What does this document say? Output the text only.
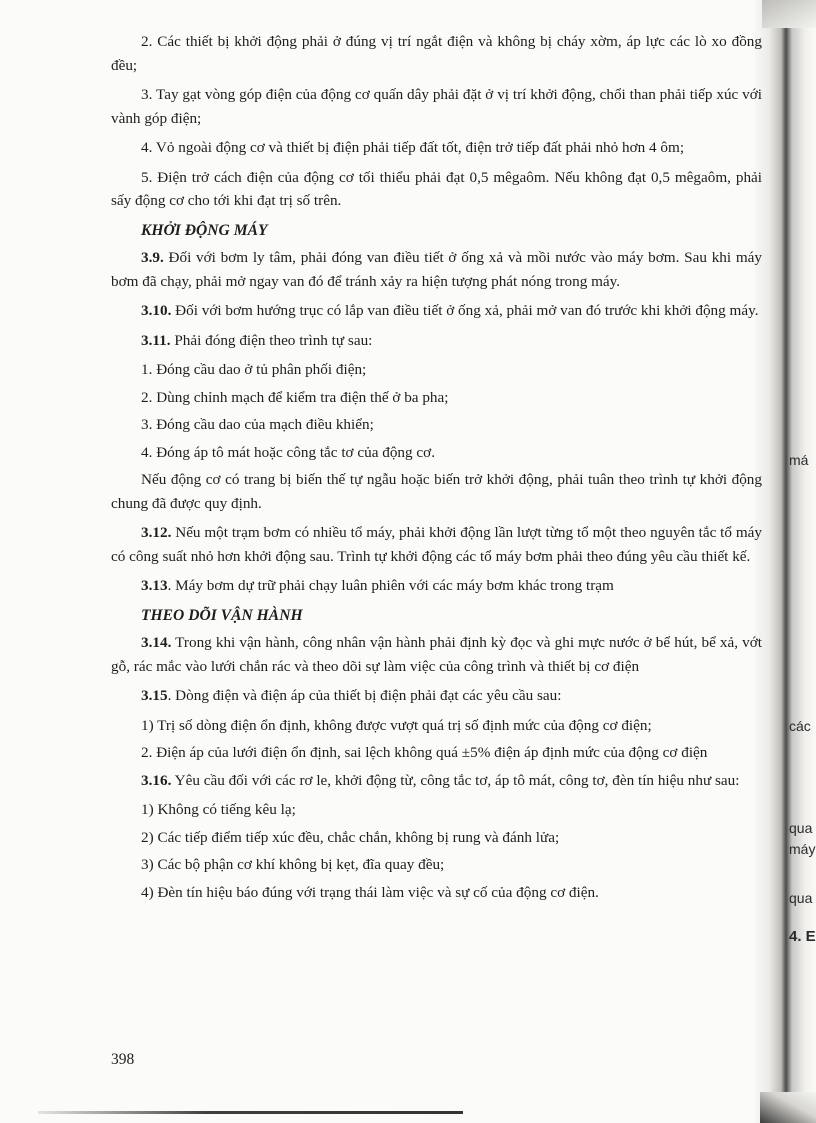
2. Các thiết bị khởi động phải ở đúng vị trí ngắt điện và không bị cháy xờm, áp lực các lò xo đồng đều;

3. Tay gạt vòng góp điện của động cơ quấn dây phải đặt ở vị trí khởi động, chổi than phải tiếp xúc với vành góp điện;

4. Vỏ ngoài động cơ và thiết bị điện phải tiếp đất tốt, điện trở tiếp đất phải nhỏ hơn 4 ôm;

5. Điện trở cách điện của động cơ tối thiểu phải đạt 0,5 mêgaôm. Nếu không đạt 0,5 mêgaôm, phải sấy động cơ cho tới khi đạt trị số trên.

KHỞI ĐỘNG MÁY

3.9. Đối với bơm ly tâm, phải đóng van điều tiết ở ống xả và mồi nước vào máy bơm. Sau khi máy bơm đã chạy, phải mở ngay van đó để tránh xảy ra hiện tượng phát nóng trong máy.

3.10. Đối với bơm hướng trục có lắp van điều tiết ở ống xả, phải mở van đó trước khi khởi động máy.

3.11. Phải đóng điện theo trình tự sau:

1. Đóng cầu dao ở tủ phân phối điện;

2. Dùng chỉnh mạch để kiểm tra điện thế ở ba pha;

3. Đóng cầu dao của mạch điều khiển;

4. Đóng áp tô mát hoặc công tắc tơ của động cơ.

Nếu động cơ có trang bị biến thế tự ngẫu hoặc biến trở khởi động, phải tuân theo trình tự khởi động chung đã được quy định.

3.12. Nếu một trạm bơm có nhiều tổ máy, phải khởi động lần lượt từng tổ một theo nguyên tắc tổ máy có công suất nhỏ hơn khởi động sau. Trình tự khởi động các tổ máy bơm phải theo đúng yêu cầu thiết kế.

3.13. Máy bơm dự trữ phải chạy luân phiên với các máy bơm khác trong trạm

THEO DÕI VẬN HÀNH

3.14. Trong khi vận hành, công nhân vận hành phải định kỳ đọc và ghi mực nước ở bể hút, bể xả, vớt gỗ, rác mắc vào lưới chắn rác và theo dõi sự làm việc của công trình và thiết bị cơ điện

3.15. Dòng điện và điện áp của thiết bị điện phải đạt các yêu cầu sau:

1) Trị số dòng điện ổn định, không được vượt quá trị số định mức của động cơ điện;

2. Điện áp của lưới điện ổn định, sai lệch không quá ±5% điện áp định mức của động cơ điện

3.16. Yêu cầu đối với các rơ le, khởi động từ, công tắc tơ, áp tô mát, công tơ, đèn tín hiệu như sau:

1) Không có tiếng kêu lạ;

2) Các tiếp điểm tiếp xúc đều, chắc chắn, không bị rung và đánh lửa;

3) Các bộ phận cơ khí không bị kẹt, đĩa quay đều;

4) Đèn tín hiệu báo đúng với trạng thái làm việc và sự cố của động cơ điện.

398
má
các
qua
máy
qua
4. E
